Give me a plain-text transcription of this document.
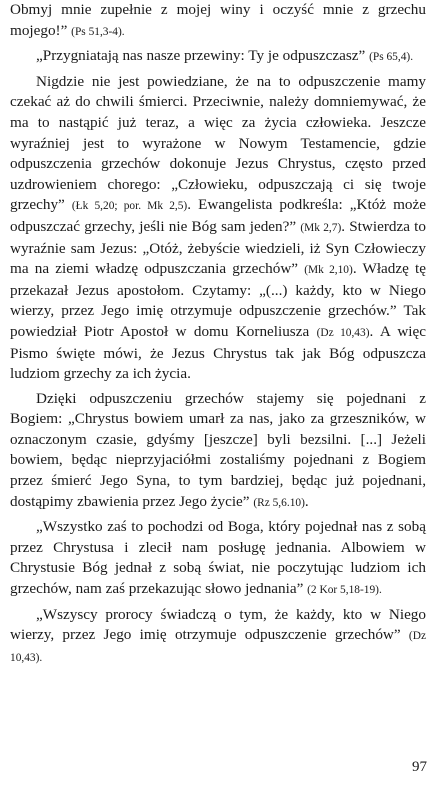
Obmyj mnie zupełnie z mojej winy i oczyść mnie z grzechu mojego!” (Ps 51,3-4).

„Przygniatają nas nasze przewiny: Ty je odpuszczasz” (Ps 65,4).

Nigdzie nie jest powiedziane, że na to odpuszczenie mamy czekać aż do chwili śmierci. Przeciwnie, należy domniemywać, że ma to nastąpić już teraz, a więc za życia człowieka. Jeszcze wyraźniej jest to wyrażone w Nowym Testamencie, gdzie odpuszczenia grzechów dokonuje Jezus Chrystus, często przed uzdrowieniem chorego: „Człowieku, odpuszczają ci się twoje grzechy” (Łk 5,20; por. Mk 2,5). Ewangelista podkreśla: „Któż może odpuszczać grzechy, jeśli nie Bóg sam jeden?” (Mk 2,7). Stwierdza to wyraźnie sam Jezus: „Otóż, żebyście wiedzieli, iż Syn Człowieczy ma na ziemi władzę odpuszczania grzechów” (Mk 2,10). Władzę tę przekazał Jezus apostołom. Czytamy: „(...) każdy, kto w Niego wierzy, przez Jego imię otrzymuje odpuszczenie grzechów.” Tak powiedział Piotr Apostoł w domu Korneliusza (Dz 10,43). A więc Pismo święte mówi, że Jezus Chrystus tak jak Bóg odpuszcza ludziom grzechy za ich życia.

Dzięki odpuszczeniu grzechów stajemy się pojednani z Bogiem: „Chrystus bowiem umarł za nas, jako za grzeszników, w oznaczonym czasie, gdyśmy [jeszcze] byli bezsilni. [...] Jeżeli bowiem, będąc nieprzyjaciółmi zostaliśmy pojednani z Bogiem przez śmierć Jego Syna, to tym bardziej, będąc już pojednani, dostąpimy zbawienia przez Jego życie” (Rz 5,6.10).

„Wszystko zaś to pochodzi od Boga, który pojednał nas z sobą przez Chrystusa i zlecił nam posługę jednania. Albowiem w Chrystusie Bóg jednał z sobą świat, nie poczytując ludziom ich grzechów, nam zaś przekazując słowo jednania” (2 Kor 5,18-19).

„Wszyscy prorocy świadczą o tym, że każdy, kto w Niego wierzy, przez Jego imię otrzymuje odpuszczenie grzechów” (Dz 10,43).

97
